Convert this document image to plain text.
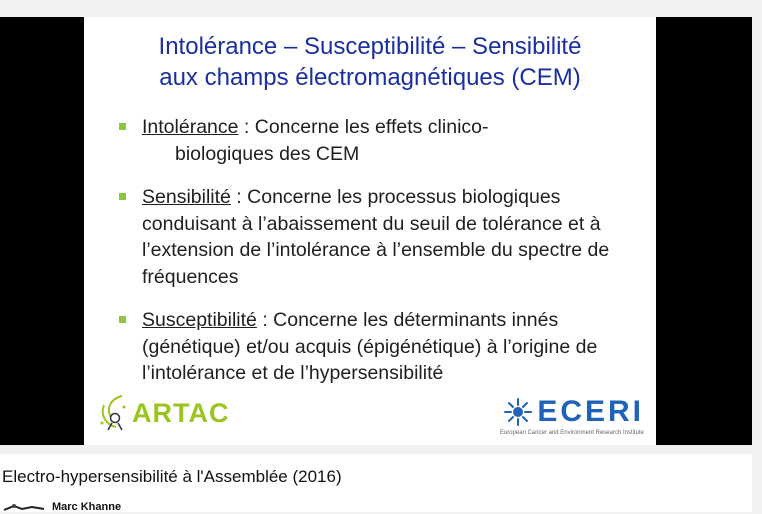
Intolérance – Susceptibilité – Sensibilité
aux champs électromagnétiques (CEM)
Intolérance : Concerne les effets clinico-
biologiques des CEM
Sensibilité : Concerne les processus biologiques conduisant à l’abaissement du seuil de tolérance et à l’extension de l’intolérance à l’ensemble du spectre de fréquences
Susceptibilité : Concerne les déterminants innés (génétique) et/ou acquis (épigénétique) à l’origine de l’intolérance et de l’hypersensibilité
ARTAC	ECERI
European Cancer and Environment Research Institute
Electro-hypersensibilité à l'Assemblée (2016)
Marc Khanne
